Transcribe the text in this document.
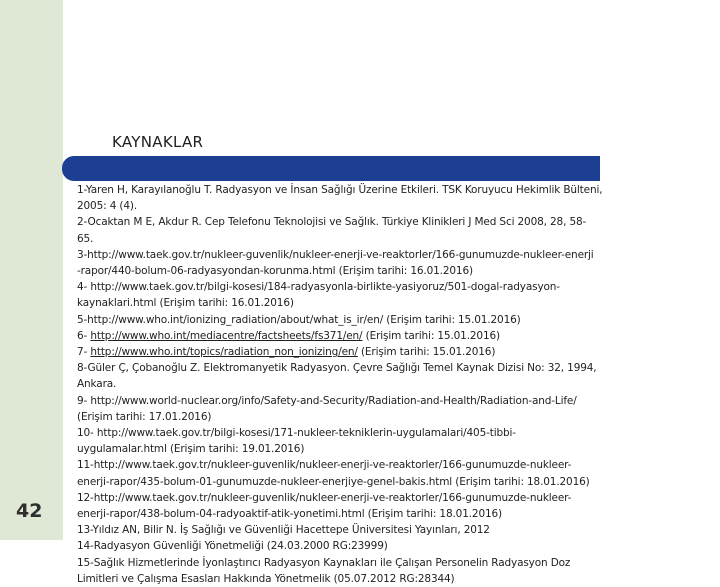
KAYNAKLAR
42
1-Yaren H, Karayılanoğlu T. Radyasyon ve İnsan Sağlığı Üzerine Etkileri. TSK Koruyucu Hekimlik Bülteni,
2005: 4 (4).
2-Ocaktan M E, Akdur R. Cep Telefonu Teknolojisi ve Sağlık. Türkiye Klinikleri J Med Sci 2008, 28, 58-
65.
3-http://www.taek.gov.tr/nukleer-guvenlik/nukleer-enerji-ve-reaktorler/166-gunumuzde-nukleer-enerji
-rapor/440-bolum-06-radyasyondan-korunma.html (Erişim tarihi: 16.01.2016)
4- http://www.taek.gov.tr/bilgi-kosesi/184-radyasyonla-birlikte-yasiyoruz/501-dogal-radyasyon-
kaynaklari.html (Erişim tarihi: 16.01.2016)
5-http://www.who.int/ionizing_radiation/about/what_is_ir/en/ (Erişim tarihi: 15.01.2016)
6- http://www.who.int/mediacentre/factsheets/fs371/en/ (Erişim tarihi: 15.01.2016)
7- http://www.who.int/topics/radiation_non_ionizing/en/ (Erişim tarihi: 15.01.2016)
8-Güler Ç, Çobanoğlu Z. Elektromanyetik Radyasyon. Çevre Sağlığı Temel Kaynak Dizisi No: 32, 1994,
Ankara.
9- http://www.world-nuclear.org/info/Safety-and-Security/Radiation-and-Health/Radiation-and-Life/
(Erişim tarihi: 17.01.2016)
10- http://www.taek.gov.tr/bilgi-kosesi/171-nukleer-tekniklerin-uygulamalari/405-tibbi-
uygulamalar.html (Erişim tarihi: 19.01.2016)
11-http://www.taek.gov.tr/nukleer-guvenlik/nukleer-enerji-ve-reaktorler/166-gunumuzde-nukleer-
enerji-rapor/435-bolum-01-gunumuzde-nukleer-enerjiye-genel-bakis.html (Erişim tarihi: 18.01.2016)
12-http://www.taek.gov.tr/nukleer-guvenlik/nukleer-enerji-ve-reaktorler/166-gunumuzde-nukleer-
enerji-rapor/438-bolum-04-radyoaktif-atik-yonetimi.html (Erişim tarihi: 18.01.2016)
13-Yıldız AN, Bilir N. İş Sağlığı ve Güvenliği Hacettepe Üniversitesi Yayınları, 2012
14-Radyasyon Güvenliği Yönetmeliği (24.03.2000 RG:23999)
15-Sağlık Hizmetlerinde İyonlaştırıcı Radyasyon Kaynakları ile Çalışan Personelin Radyasyon Doz
Limitleri ve Çalışma Esasları Hakkında Yönetmelik (05.07.2012 RG:28344)
